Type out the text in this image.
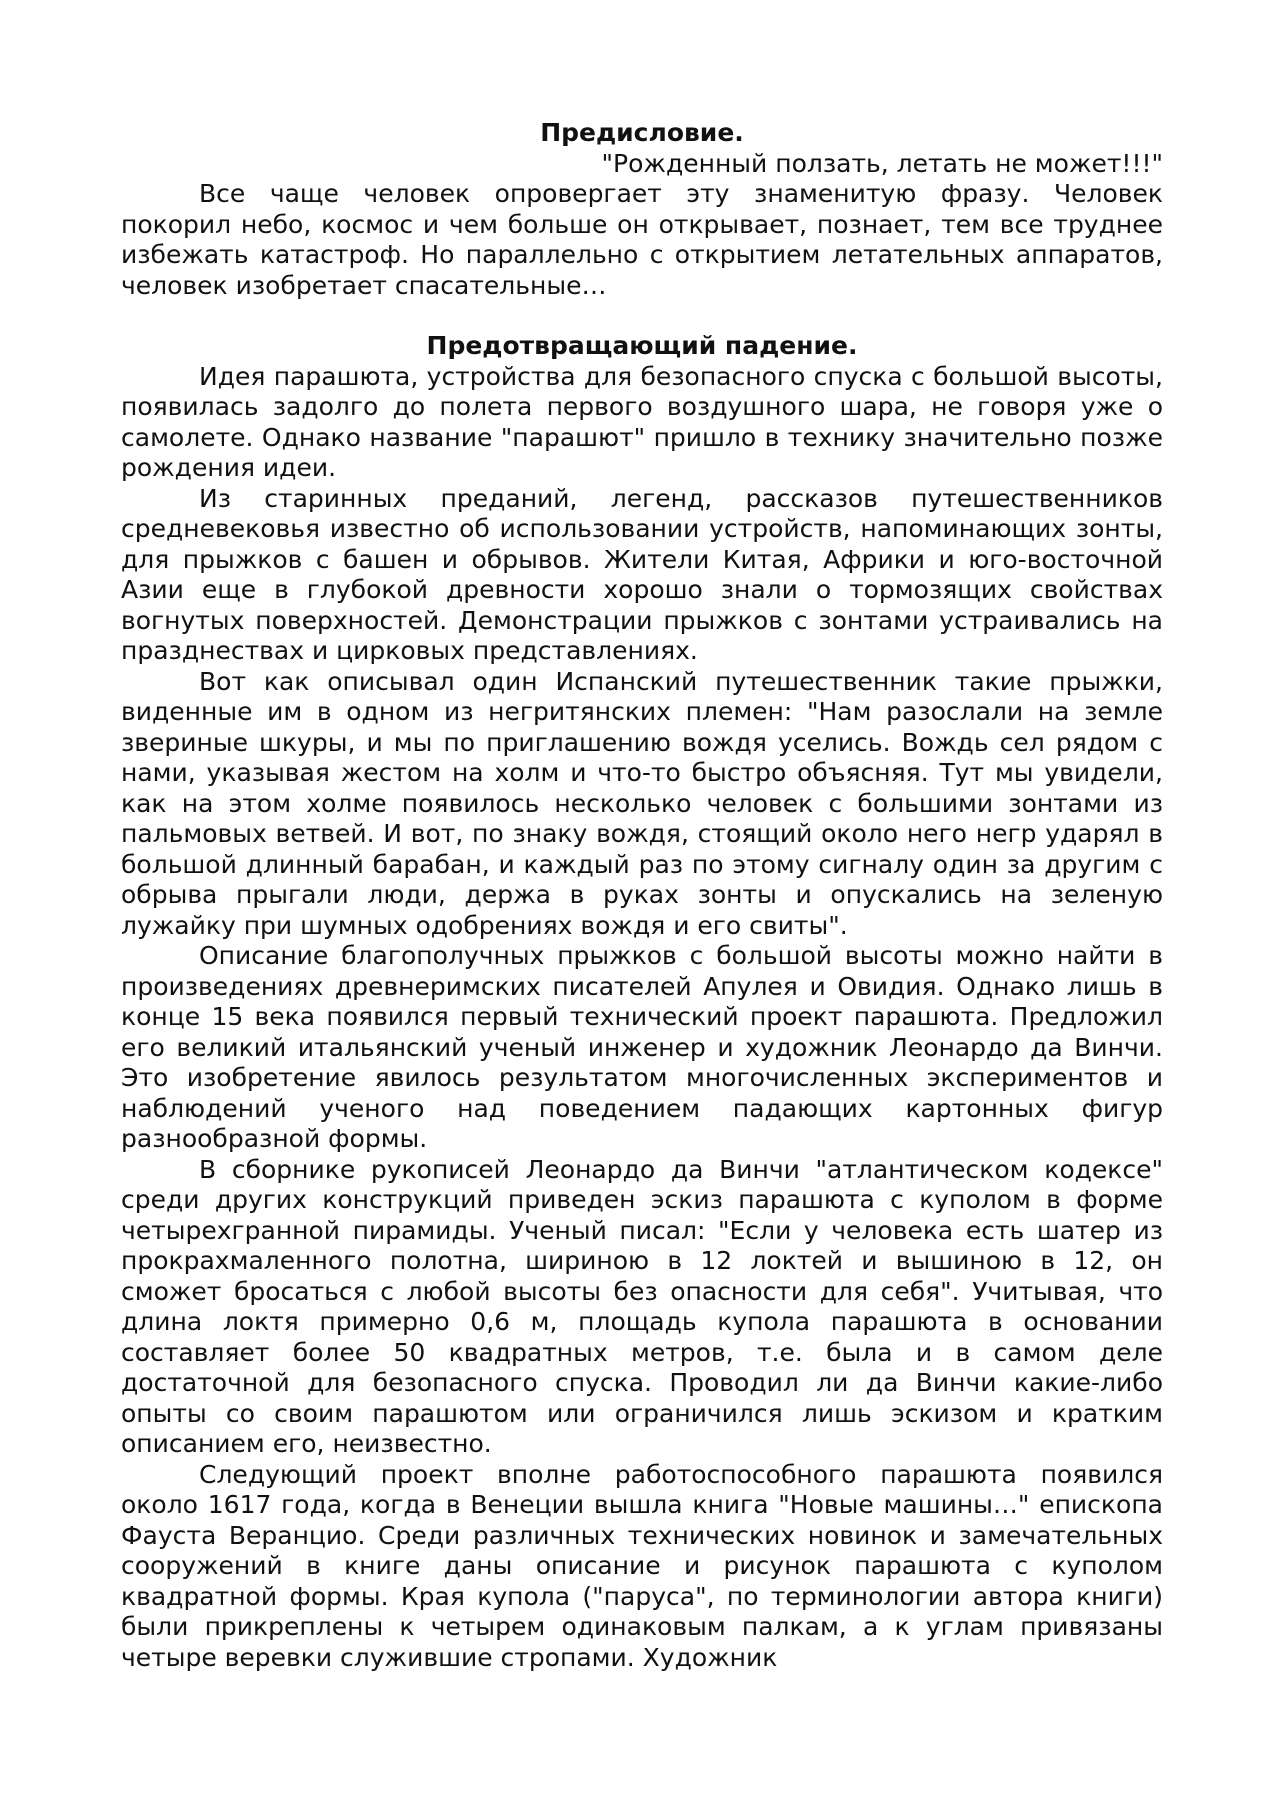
Предисловие.

"Рожденный ползать, летать не может!!!"

Все чаще человек опровергает эту знаменитую фразу. Человек покорил небо, космос и чем больше он открывает, познает, тем все труднее избежать катастроф. Но параллельно с открытием летательных аппаратов, человек изобретает спасательные…

Предотвращающий падение.

Идея парашюта, устройства для безопасного спуска с большой высоты, появилась задолго до полета первого воздушного шара, не говоря уже о самолете. Однако название "парашют" пришло в технику значительно позже рождения идеи.

Из старинных преданий, легенд, рассказов путешественников средневековья известно об использовании устройств, напоминающих зонты, для прыжков с башен и обрывов. Жители Китая, Африки и юго-восточной Азии еще в глубокой древности хорошо знали о тормозящих свойствах вогнутых поверхностей. Демонстрации прыжков с зонтами устраивались на празднествах и цирковых представлениях.

Вот как описывал один Испанский путешественник такие прыжки, виденные им в одном из негритянских племен: "Нам разослали на земле звериные шкуры, и мы по приглашению вождя уселись. Вождь сел рядом с нами, указывая жестом на холм и что-то быстро объясняя. Тут мы увидели, как на этом холме появилось несколько человек с большими зонтами из пальмовых ветвей. И вот, по знаку вождя, стоящий около него негр ударял в большой длинный барабан, и каждый раз по этому сигналу один за другим с обрыва прыгали люди, держа в руках зонты и опускались на зеленую лужайку при шумных одобрениях вождя и его свиты".

Описание благополучных прыжков с большой высоты можно найти в произведениях древнеримских писателей Апулея и Овидия. Однако лишь в конце 15 века появился первый технический проект парашюта. Предложил его великий итальянский ученый инженер и художник Леонардо да Винчи. Это изобретение явилось результатом многочисленных экспериментов и наблюдений ученого над поведением падающих картонных фигур разнообразной формы.

В сборнике рукописей Леонардо да Винчи "атлантическом кодексе" среди других конструкций приведен эскиз парашюта с куполом в форме четырехгранной пирамиды. Ученый писал: "Если у человека есть шатер из прокрахмаленного полотна, шириною в 12 локтей и вышиною в 12, он сможет бросаться с любой высоты без опасности для себя". Учитывая, что длина локтя примерно 0,6 м, площадь купола парашюта в основании составляет более 50 квадратных метров, т.е. была и в самом деле достаточной для безопасного спуска. Проводил ли да Винчи какие-либо опыты со своим парашютом или ограничился лишь эскизом и кратким описанием его, неизвестно.

Следующий проект вполне работоспособного парашюта появился около 1617 года, когда в Венеции вышла книга "Новые машины…" епископа Фауста Веранцио. Среди различных технических новинок и замечательных сооружений в книге даны описание и рисунок парашюта с куполом квадратной формы. Края купола ("паруса", по терминологии автора книги) были прикреплены к четырем одинаковым палкам, а к углам привязаны четыре веревки служившие стропами. Художник
